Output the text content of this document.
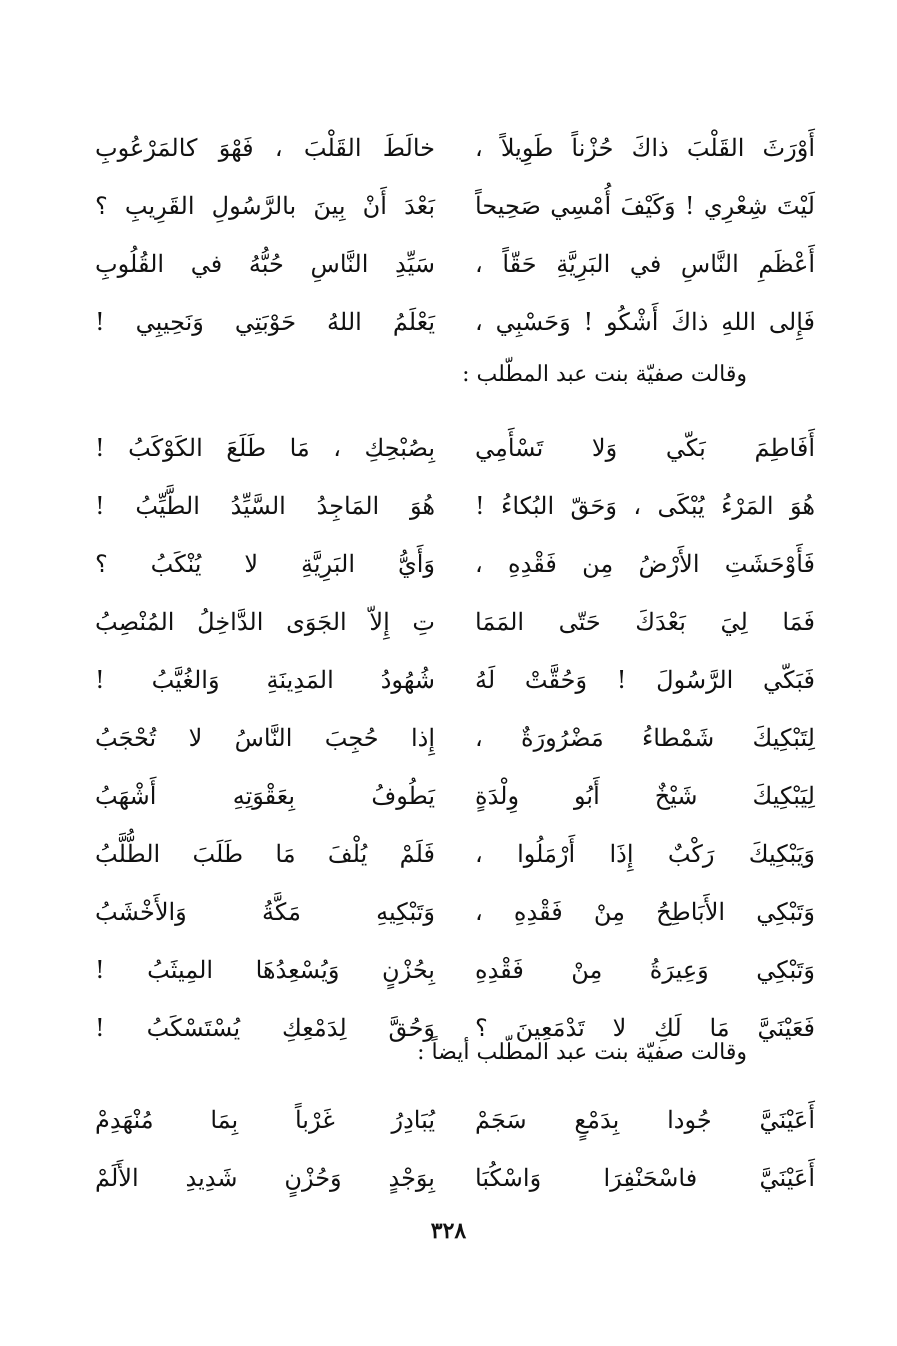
أَوْرَثَ القَلْبَ ذاكَ حُزْناً طَوِيلاً ،
خالَطَ القَلْبَ ، فَهْوَ كالمَرْعُوبِ
لَيْتَ شِعْرِي ! وَكَيْفَ أُمْسِي صَحِيحاً
بَعْدَ أَنْ بِينَ بالرَّسُولِ القَرِيبِ ؟
أَعْظَمِ النَّاسِ في البَرِيَّةِ حَقّاً ،
سَيِّدِ النَّاسِ حُبُّهُ في القُلُوبِ
فَإِلى اللهِ ذاكَ أَشْكُو ! وَحَسْبِي ،
يَعْلَمُ اللهُ حَوْبَتِي وَنَحِيبِي !
وقالت صفيّة بنت عبد المطّلب :
أَفَاطِمَ بَكّي وَلا تَسْأَمِي
بِصُبْحِكِ ، مَا طَلَعَ الكَوْكَبُ !
هُوَ المَرْءُ يُبْكَى ، وَحَقّ البُكاءُ !
هُوَ المَاجِدُ السَّيِّدُ الطَّيِّبُ !
فَأَوْحَشَتِ الأَرْضُ مِن فَقْدِهِ ،
وَأَيُّ البَرِيَّةِ لا يُنْكَبُ ؟
فَمَا لِيَ بَعْدَكَ حَتّى المَمَا
تِ إِلاّ الجَوَى الدَّاخِلُ المُنْصِبُ
فَبَكّي الرَّسُولَ ! وَحُقَّتْ لَهُ
شُهُودُ المَدِينَةِ وَالغُيَّبُ !
لِتَبْكِيكَ شَمْطاءُ مَضْرُورَةٌ ،
إِذا حُجِبَ النَّاسُ لا تُحْجَبُ
لِيَبْكِيكَ شَيْخٌ أَبُو وِلْدَةٍ
يَطُوفُ بِعَقْوَتِهِ أَشْهَبُ
وَيَبْكِيكَ رَكْبٌ إِذَا أَرْمَلُوا ،
فَلَمْ يُلْفَ مَا طَلَبَ الطُّلَّبُ
وَتَبْكِي الأَبَاطِحُ مِنْ فَقْدِهِ ،
وَتَبْكِيهِ مَكَّةُ وَالأَخْشَبُ
وَتَبْكِي وَعِيرَةُ مِنْ فَقْدِهِ
بِحُزْنٍ وَيُسْعِدُهَا المِيثَبُ !
فَعَيْنَيَّ مَا لَكِ لا تَدْمَعِينَ ؟
وَحُقَّ لِدَمْعِكِ يُسْتَسْكَبُ !
وقالت صفيّة بنت عبد المطّلب أيضاً :
أَعَيْنَيَّ جُودا بِدَمْعٍ سَجَمْ
يُبَادِرُ غَرْباً بِمَا مُنْهَدِمْ
أَعَيْنَيَّ فاسْحَنْفِرَا وَاسْكُبَا
بِوَجْدٍ وَحُزْنٍ شَدِيدِ الأَلَمْ
٣٢٨
